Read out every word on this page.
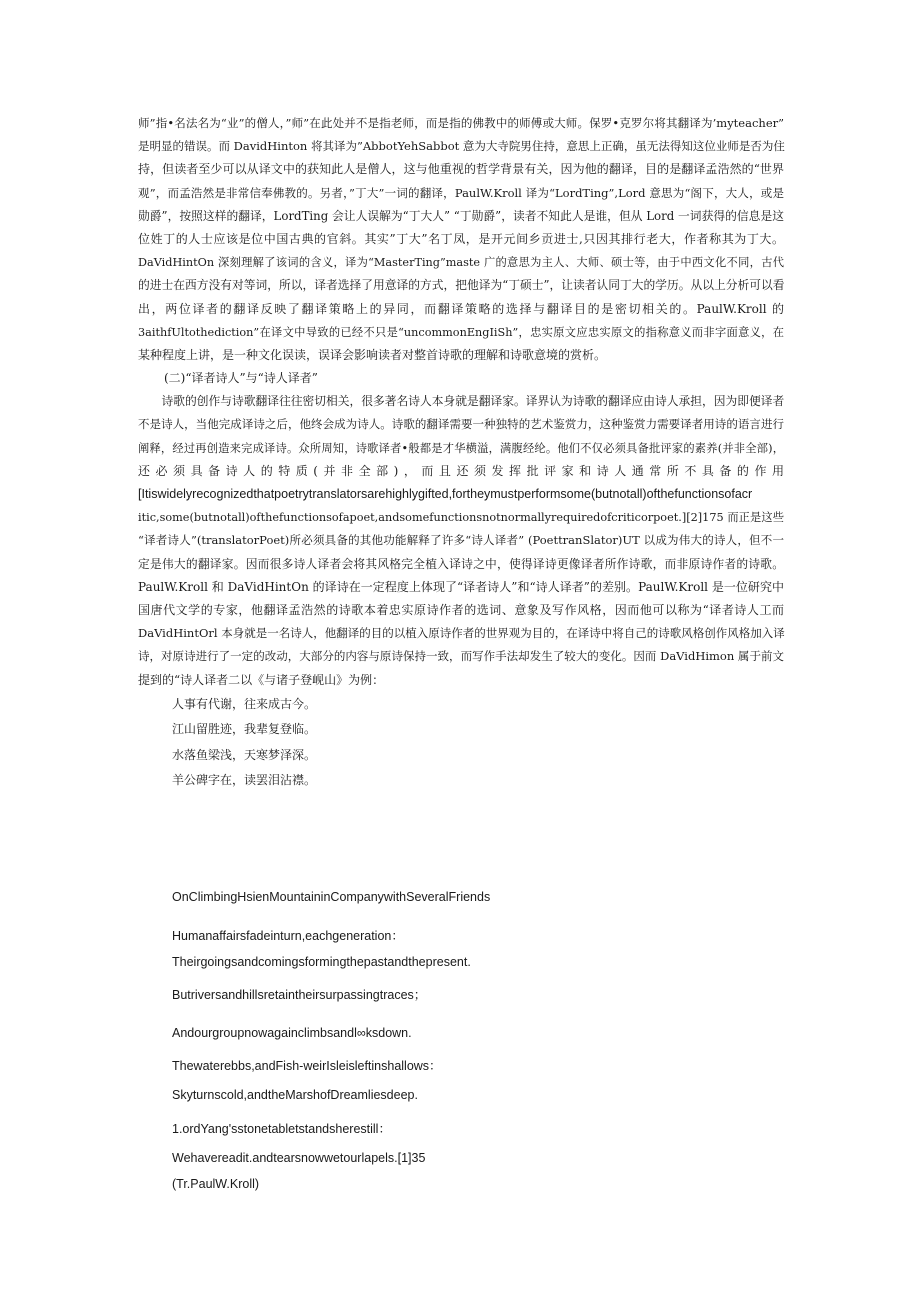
师”指•名法名为“业”的僧人，”师”在此处并不是指老师，而是指的佛教中的师傅或大师。保罗•克罗尔将其翻译为’myteacher”
是明显的错误。而 DavidHinton 将其译为”AbbotYehSabbot 意为大寺院男住持，意思上正确，虽无法得知这位业师是否为住
持，但读者至少可以从译文中的获知此人是僧人，这与他重视的哲学背景有关，因为他的翻译，目的是翻译孟浩然的“世界
观”，而孟浩然是非常信奉佛教的。另者，”丁大”一词的翻译，PaulW.Kroll 译为“LordTing”,Lord 意思为“阁下，大人，或是
勋爵”，按照这样的翻译，LordTing 会让人误解为“丁大人” “丁勋爵”，读者不知此人是谁，但从 Lord 一词获得的信息是这
位姓丁的人士应该是位中国古典的官斜。其实”丁大”名丁凤，是开元间乡贡进士,只因其排行老大，作者称其为丁大。
DaVidHintOn 深刻理解了该词的含义，译为“MasterTing”maste 广的意思为主人、大师、硕士等，由于中西文化不同，古代
的进士在西方没有对等词，所以，译者选择了用意译的方式，把他译为“丁硕士”，让读者认同丁大的学历。从以上分析可以看
出，两位译者的翻译反映了翻译策略上的异同，而翻译策略的选择与翻译目的是密切相关的。PaulW.Kroll 的
3aithfUltothediction”在译文中导致的已经不只是“uncommonEngIiSh”，忠实原文应忠实原文的指称意义而非字面意义，在
某种程度上讲，是一种文化误读，误译会影响读者对整首诗歌的理解和诗歌意境的赏析。

(二)“译者诗人”与“诗人译者”

　　诗歌的创作与诗歌翻译往往密切相关，很多著名诗人本身就是翻译家。译界认为诗歌的翻译应由诗人承担，因为即便译者
不是诗人，当他完成译诗之后，他终会成为诗人。诗歌的翻译需要一种独特的艺术鉴赏力，这种鉴赏力需要译者用诗的语言进行
阐释，经过再创造来完成译诗。众所周知，诗歌译者•般都是才华横溢，满腹经纶。他们不仅必须具备批评家的素养(并非全部)，
还必须具备诗人的特质(并非全部)，而且还须发挥批评家和诗人通常所不具备的作用
[Itiswidelyrecognizedthatpoetrytranslatorsarehighlygifted,fortheymustperformsome(butnotall)ofthefunctionsofacr
itic,some(butnotall)ofthefunctionsofapoet,andsomefunctionsnotnormallyrequiredofcriticorpoet.][2]175 而正是这些
“译者诗人”(translatorPoet)所必须具备的其他功能解释了许多“诗人译者” (PoettranSlator)UT 以成为伟大的诗人，但不一
定是伟大的翻译家。因而很多诗人译者会将其风格完全植入译诗之中，使得译诗更像译者所作诗歌，而非原诗作者的诗歌。
PaulW.Kroll 和 DaVidHintOn 的译诗在一定程度上体现了“译者诗人”和“诗人译者”的差别。PaulW.Kroll 是一位研究中
国唐代文学的专家，他翻译孟浩然的诗歌本着忠实原诗作者的选词、意象及写作风格，因而他可以称为“译者诗人工而
DaVidHintOrl 本身就是一名诗人，他翻译的目的以植入原诗作者的世界观为目的，在译诗中将自己的诗歌风格创作风格加入译
诗，对原诗进行了一定的改动，大部分的内容与原诗保持一致，而写作手法却发生了较大的变化。因而 DaVidHimon 属于前文
提到的“诗人译者二以《与诸子登岘山》为例：

人事有代谢，往来成古今。
江山留胜迹，我辈复登临。
水落鱼梁浅，天寒梦泽深。
羊公碑字在，读罢泪沾襟。
OnClimbingHsienMountaininCompanywithSeveralFriends
Humanaffairsfadeinturn,eachgeneration：
Theirgoingsandcomingsformingthepastandthepresent.
Butriversandhillsretaintheirsurpassingtraces；
Andourgroupnowagainclimbsandl∞ksdown.
Thewaterebbs,andFish-weirIsleisleftinshallows：
Skyturnscold,andtheMarshofDreamliesdeep.
1.ordYang'sstonetabletstandsherestill：
Wehavereadit.andtearsnowwetourlapels.[1]35
(Tr.PaulW.Kroll)
